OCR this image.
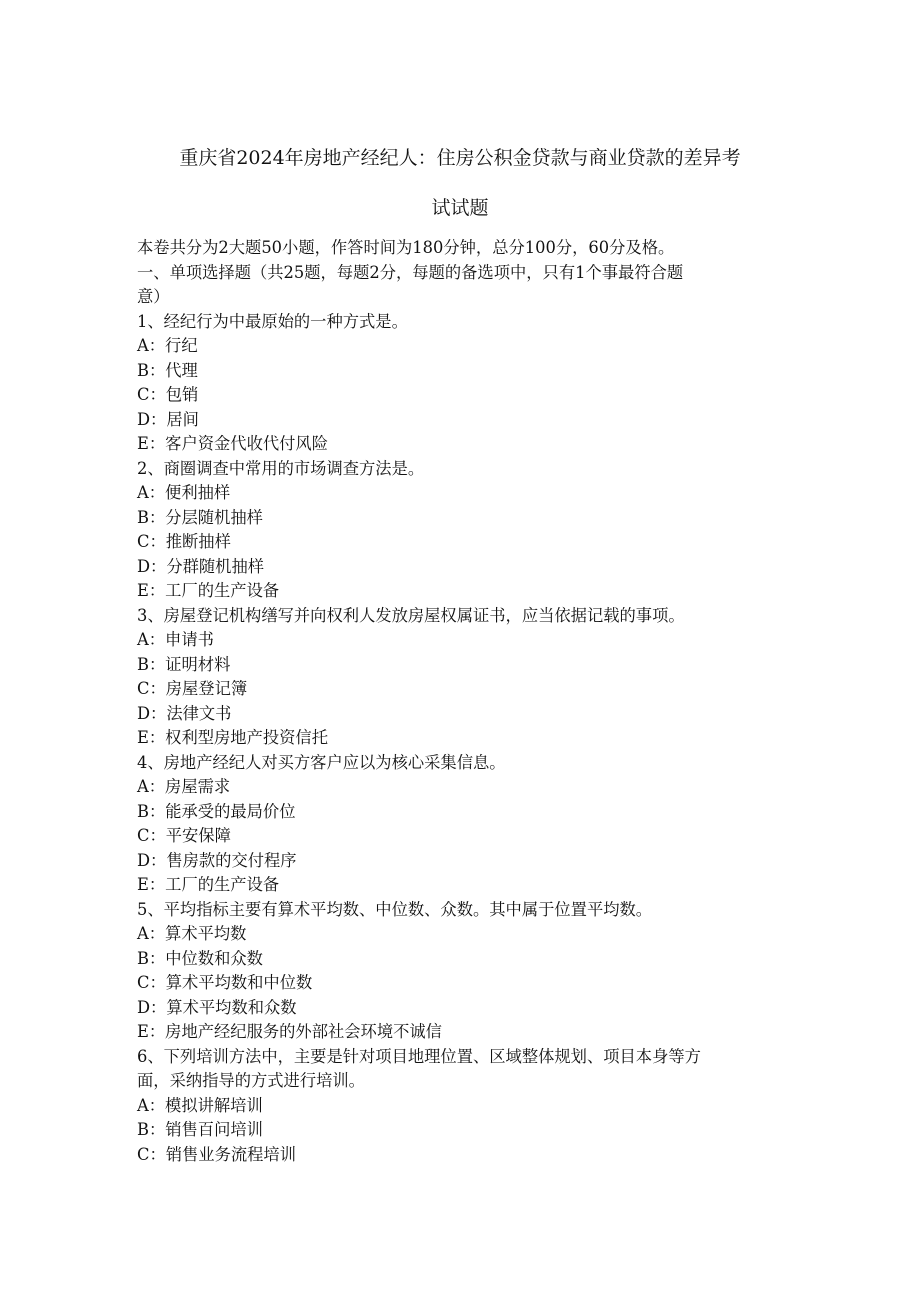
重庆省2024年房地产经纪人：住房公积金贷款与商业贷款的差异考
试试题
本卷共分为2大题50小题，作答时间为180分钟，总分100分，60分及格。
一、单项选择题（共25题，每题2分，每题的备选项中，只有1个事最符合题
意）
1、经纪行为中最原始的一种方式是。
A：行纪
B：代理
C：包销
D：居间
E：客户资金代收代付风险
2、商圈调查中常用的市场调查方法是。
A：便利抽样
B：分层随机抽样
C：推断抽样
D：分群随机抽样
E：工厂的生产设备
3、房屋登记机构缮写并向权利人发放房屋权属证书，应当依据记载的事项。
A：申请书
B：证明材料
C：房屋登记簿
D：法律文书
E：权利型房地产投资信托
4、房地产经纪人对买方客户应以为核心采集信息。
A：房屋需求
B：能承受的最局价位
C：平安保障
D：售房款的交付程序
E：工厂的生产设备
5、平均指标主要有算术平均数、中位数、众数。其中属于位置平均数。
A：算术平均数
B：中位数和众数
C：算术平均数和中位数
D：算术平均数和众数
E：房地产经纪服务的外部社会环境不诚信
6、下列培训方法中，主要是针对项目地理位置、区域整体规划、项目本身等方
面，采纳指导的方式进行培训。
A：模拟讲解培训
B：销售百问培训
C：销售业务流程培训
